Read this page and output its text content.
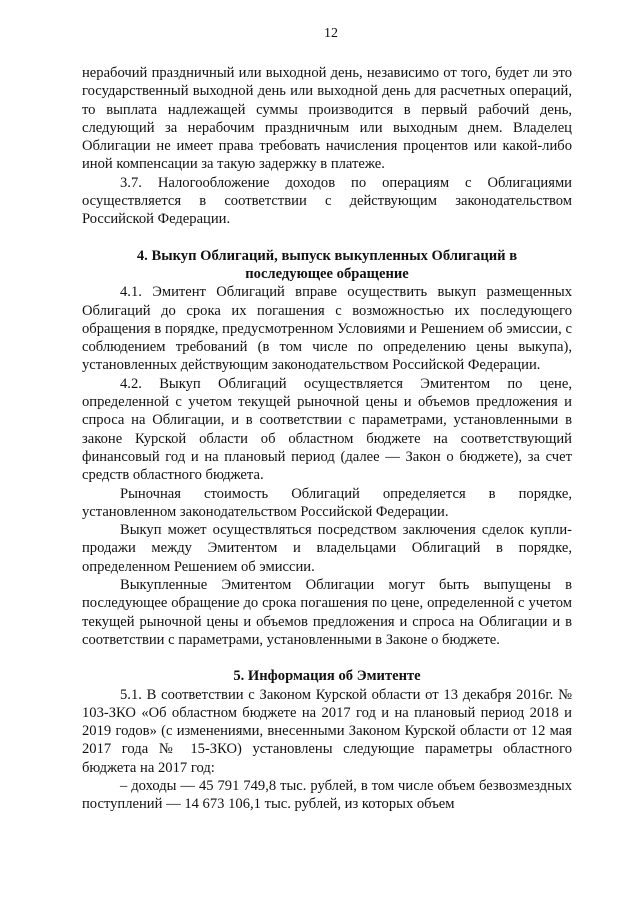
12

нерабочий праздничный или выходной день, независимо от того, будет ли это государственный выходной день или выходной день для расчетных операций, то выплата надлежащей суммы производится в первый рабочий день, следующий за нерабочим праздничным или выходным днем. Владелец Облигации не имеет права требовать начисления процентов или какой-либо иной компенсации за такую задержку в платеже.

3.7. Налогообложение доходов по операциям с Облигациями осуществляется в соответствии с действующим законодательством Российской Федерации.

4. Выкуп Облигаций, выпуск выкупленных Облигаций в последующее обращение

4.1. Эмитент Облигаций вправе осуществить выкуп размещенных Облигаций до срока их погашения с возможностью их последующего обращения в порядке, предусмотренном Условиями и Решением об эмиссии, с соблюдением требований (в том числе по определению цены выкупа), установленных действующим законодательством Российской Федерации.

4.2. Выкуп Облигаций осуществляется Эмитентом по цене, определенной с учетом текущей рыночной цены и объемов предложения и спроса на Облигации, и в соответствии с параметрами, установленными в законе Курской области об областном бюджете на соответствующий финансовый год и на плановый период (далее — Закон о бюджете), за счет средств областного бюджета.

Рыночная стоимость Облигаций определяется в порядке, установленном законодательством Российской Федерации.

Выкуп может осуществляться посредством заключения сделок купли-продажи между Эмитентом и владельцами Облигаций в порядке, определенном Решением об эмиссии.

Выкупленные Эмитентом Облигации могут быть выпущены в последующее обращение до срока погашения по цене, определенной с учетом текущей рыночной цены и объемов предложения и спроса на Облигации и в соответствии с параметрами, установленными в Законе о бюджете.

5. Информация об Эмитенте

5.1. В соответствии с Законом Курской области от 13 декабря 2016г. № 103-ЗКО «Об областном бюджете на 2017 год и на плановый период 2018 и 2019 годов» (с изменениями, внесенными Законом Курской области от 12 мая 2017 года № 15-ЗКО) установлены следующие параметры областного бюджета на 2017 год:

– доходы — 45 791 749,8 тыс. рублей, в том числе объем безвозмездных поступлений — 14 673 106,1 тыс. рублей, из которых объем
